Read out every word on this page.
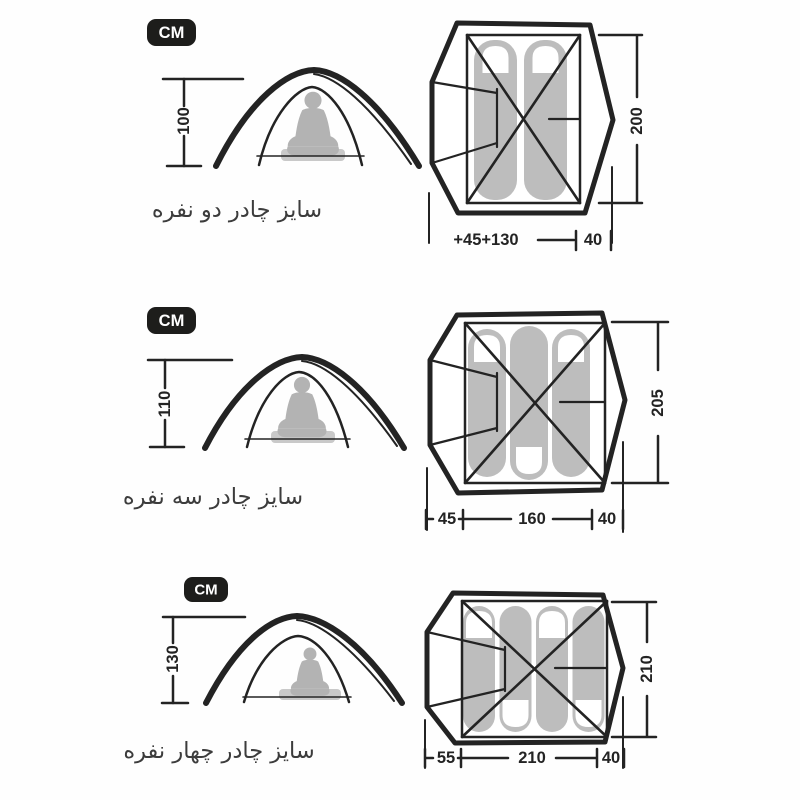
CM
100
سایز چادر دو نفره
200
+45+130	40
CM
110
سایز چادر سه نفره
205
45	160	40
CM
130
سایز چادر چهار نفره
210
55	210	40
